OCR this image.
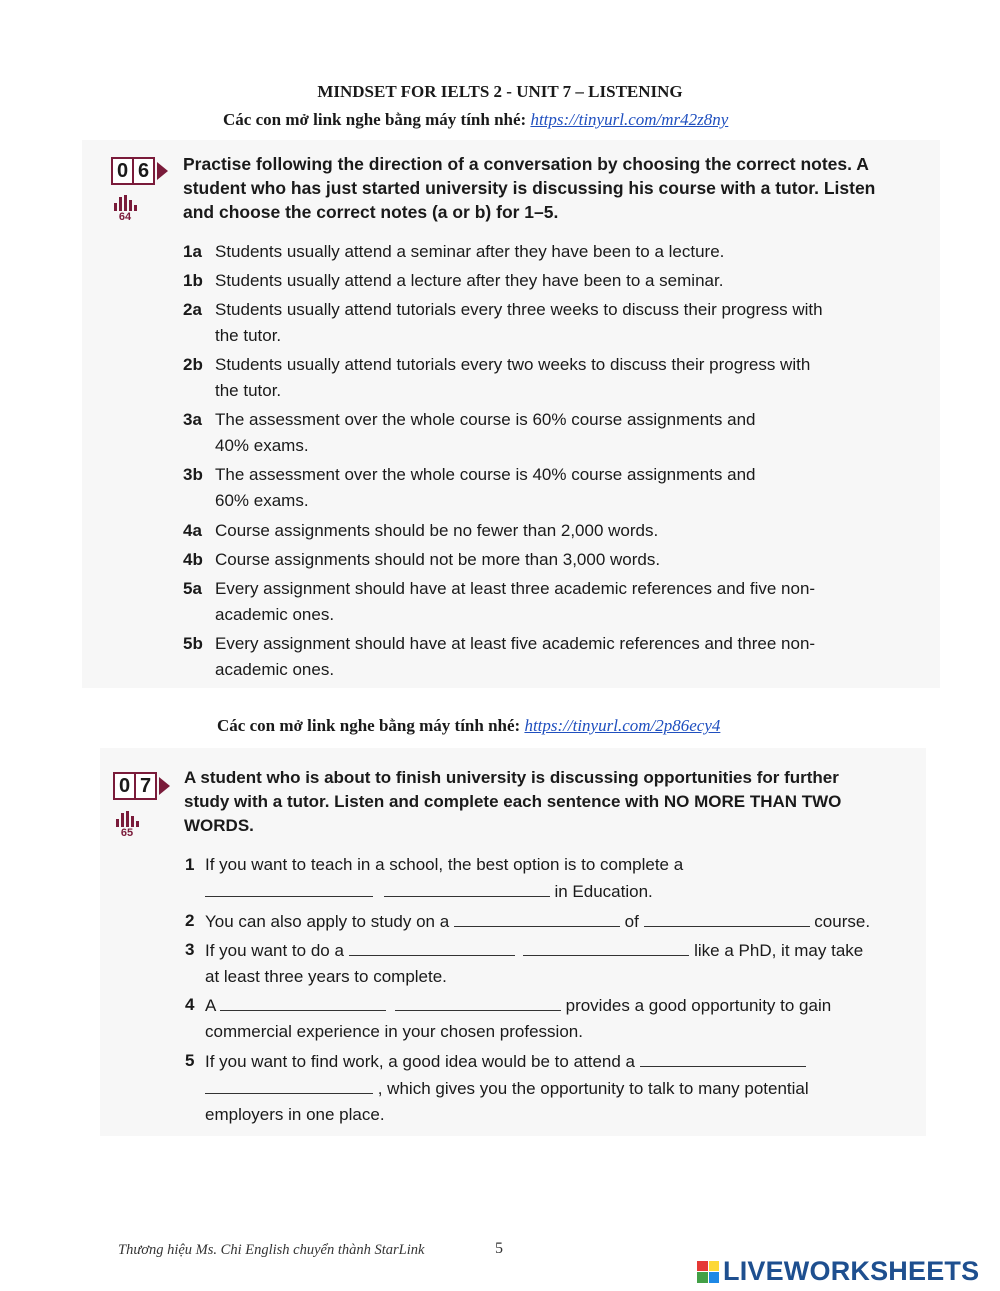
MINDSET FOR IELTS 2 - UNIT 7 – LISTENING
Các con mở link nghe bằng máy tính nhé: https://tinyurl.com/mr42z8ny
0 6
64
Practise following the direction of a conversation by choosing the correct notes. A
student who has just started university is discussing his course with a tutor. Listen
and choose the correct notes (a or b) for 1–5.
1a Students usually attend a seminar after they have been to a lecture.
1b Students usually attend a lecture after they have been to a seminar.
2a Students usually attend tutorials every three weeks to discuss their progress with
the tutor.
2b Students usually attend tutorials every two weeks to discuss their progress with
the tutor.
3a The assessment over the whole course is 60% course assignments and
40% exams.
3b The assessment over the whole course is 40% course assignments and
60% exams.
4a Course assignments should be no fewer than 2,000 words.
4b Course assignments should not be more than 3,000 words.
5a Every assignment should have at least three academic references and five non-
academic ones.
5b Every assignment should have at least five academic references and three non-
academic ones.
Các con mở link nghe bằng máy tính nhé: https://tinyurl.com/2p86ecy4
0 7
65
A student who is about to finish university is discussing opportunities for further
study with a tutor. Listen and complete each sentence with NO MORE THAN TWO
WORDS.
1 If you want to teach in a school, the best option is to complete a
in Education.
2 You can also apply to study on a	of	course.
3 If you want to do a	like a PhD, it may take
at least three years to complete.
4 A	provides a good opportunity to gain
commercial experience in your chosen profession.
5 If you want to find work, a good idea would be to attend a
, which gives you the opportunity to talk to many potential
employers in one place.
Thương hiệu Ms. Chi English chuyển thành StarLink	5
LIVEWORKSHEETS
